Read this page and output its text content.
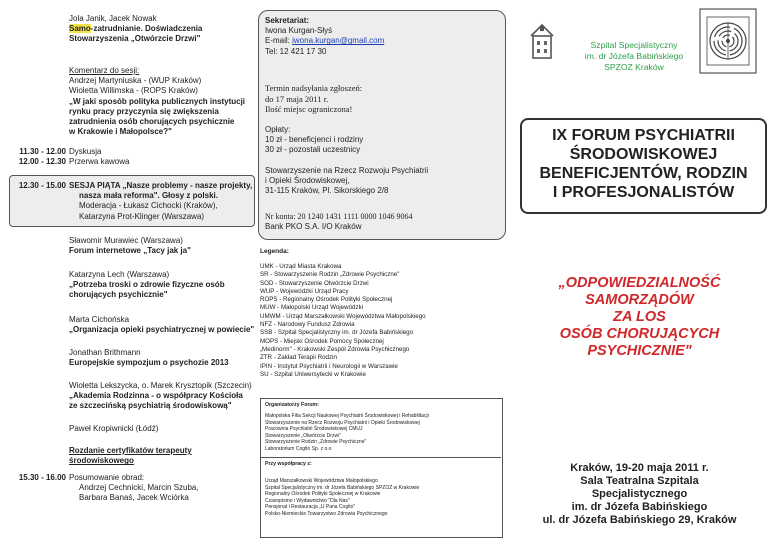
Jola Janik, Jacek Nowak
Samo-zatrudnianie. Doświadczenia
Stowarzyszenia „Otwórzcie Drzwi"
Komentarz do sesji:
Andrzej Martyniuska - (WUP Kraków)
Wioletta Willimska - (ROPS Kraków)
„W jaki sposób polityka publicznych instytucji
rynku pracy przyczynia się zwiększenia
zatrudnienia osób chorujących psychicznie
w Krakowie i Małopolsce?"
11.30 - 12.00 Dyskusja
12.00 - 12.30 Przerwa kawowa
12.30 - 15.00 SESJA PIĄTA „Nasze problemy - nasze projekty,
nasza mała reforma". Głosy z polski.
Moderacja - Łukasz Cichocki (Kraków),
Katarzyna Prot-Klinger (Warszawa)
Sławomir Murawiec (Warszawa)
Forum internetowe „Tacy jak ja"
Katarzyna Lech (Warszawa)
„Potrzeba troski o zdrowie fizyczne osób
chorujących psychicznie"
Marta Cichońska
„Organizacja opieki psychiatrycznej w powiecie"
Jonathan Brithmann
Europejskie sympozjum o psychozie 2013
Wioletta Lekszycka, o. Marek Krysztopik (Szczecin)
„Akademia Rodzinna - o współpracy Kościoła
ze szczecińską psychiatrią środowiskową"
Paweł Kropiwnicki (Łódź)
Rozdanie certyfikatów terapeuty
środowiskowego
15.30 - 16.00 Posumowanie obrad:
Andrzej Cechnicki, Marcin Szuba,
Barbara Banaś, Jacek Wciórka
Sekretariat:
Iwona Kurgan-Słyś
E-mail: iwona.kurgan@gmail.com
Tel: 12 421 17 30
Termin nadsyłania zgłoszeń:
do 17 maja 2011 r.
Ilość miejsc ograniczona!
Opłaty:
10 zł - beneficjenci i rodziny
30 zł - pozostali uczestnicy
Stowarzyszenie na Rzecz Rozwoju Psychiatrii
i Opieki Środowiskowej,
31-115 Kraków, Pl. Sikorskiego 2/8
Nr konta: 20 1240 1431 1111 0000 1046 9064
Bank PKO S.A. I/O Kraków
Legenda:
UMK - Urząd Miasta Krakowa
SR - Stowarzyszenie Rodzin „Zdrowie Psychiczne"
SOD - Stowarzyszenie Otwórzcie Drzwi
WUP - Wojewódzki Urząd Pracy
ROPS - Regionalny Ośrodek Polityki Społecznej
MUW - Małopolski Urząd Wojewódzki
UMWM - Urząd Marszałkowski Województwa Małopolskiego
NFZ - Narodowy Fundusz Zdrowia
SSB - Szpital Specjalistyczny im. dr Józefa Babińskiego
MOPS - Miejski Ośrodek Pomocy Społecznej
„Medinorm" - Krakowski Zespół Zdrowia Psychicznego
ZTR - Zakład Terapii Rodzin
IPIN - Instytut Psychiatrii i Neurologii w Warszawie
SU - Szpital Uniwersytecki w Krakowie
Organizatorzy Forum:
Małopolska Filia Sekcji Naukowej Psychiatrii Środowiskowej i Rehabilitacji
Stowarzyszenie na Rzecz Rozwoju Psychiatrii i Opieki Środowiskowej
Pracownia Psychiatrii Środowiskowej CMUJ
Stowarzyszenie „Otwórzcie Drzwi"
Stowarzyszenie Rodzin „Zdrowie Psychiczne"
Laboratorium Cogito Sp. z o.o
Przy współpracy z:
Urząd Marszałkowski Województwa Małopolskiego
Szpital Specjalistyczny im. dr Józefa Babińskiego SPZOZ w Krakowie
Regionalny Ośrodek Polityki Społecznej w Krakowie
Czasopismo i Wydawnictwo "Dla Nas"
Pensjonat i Restauracja „U Pana Cogito"
Polsko-Niemieckie Towarzystwo Zdrowia Psychicznego
Szpital Specjalistyczny
im. dr Józefa Babińskiego
SPZOZ Kraków
IX FORUM PSYCHIATRII
ŚRODOWISKOWEJ
BENEFICJENTÓW, RODZIN
I PROFESJONALISTÓW
„ODPOWIEDZIALNOŚĆ
SAMORZĄDÓW
ZA LOS
OSÓB CHORUJĄCYCH
PSYCHICZNIE"
Kraków, 19-20 maja 2011 r.
Sala Teatralna Szpitala
Specjalistycznego
im. dr Józefa Babińskiego
ul. dr Józefa Babińskiego 29, Kraków
